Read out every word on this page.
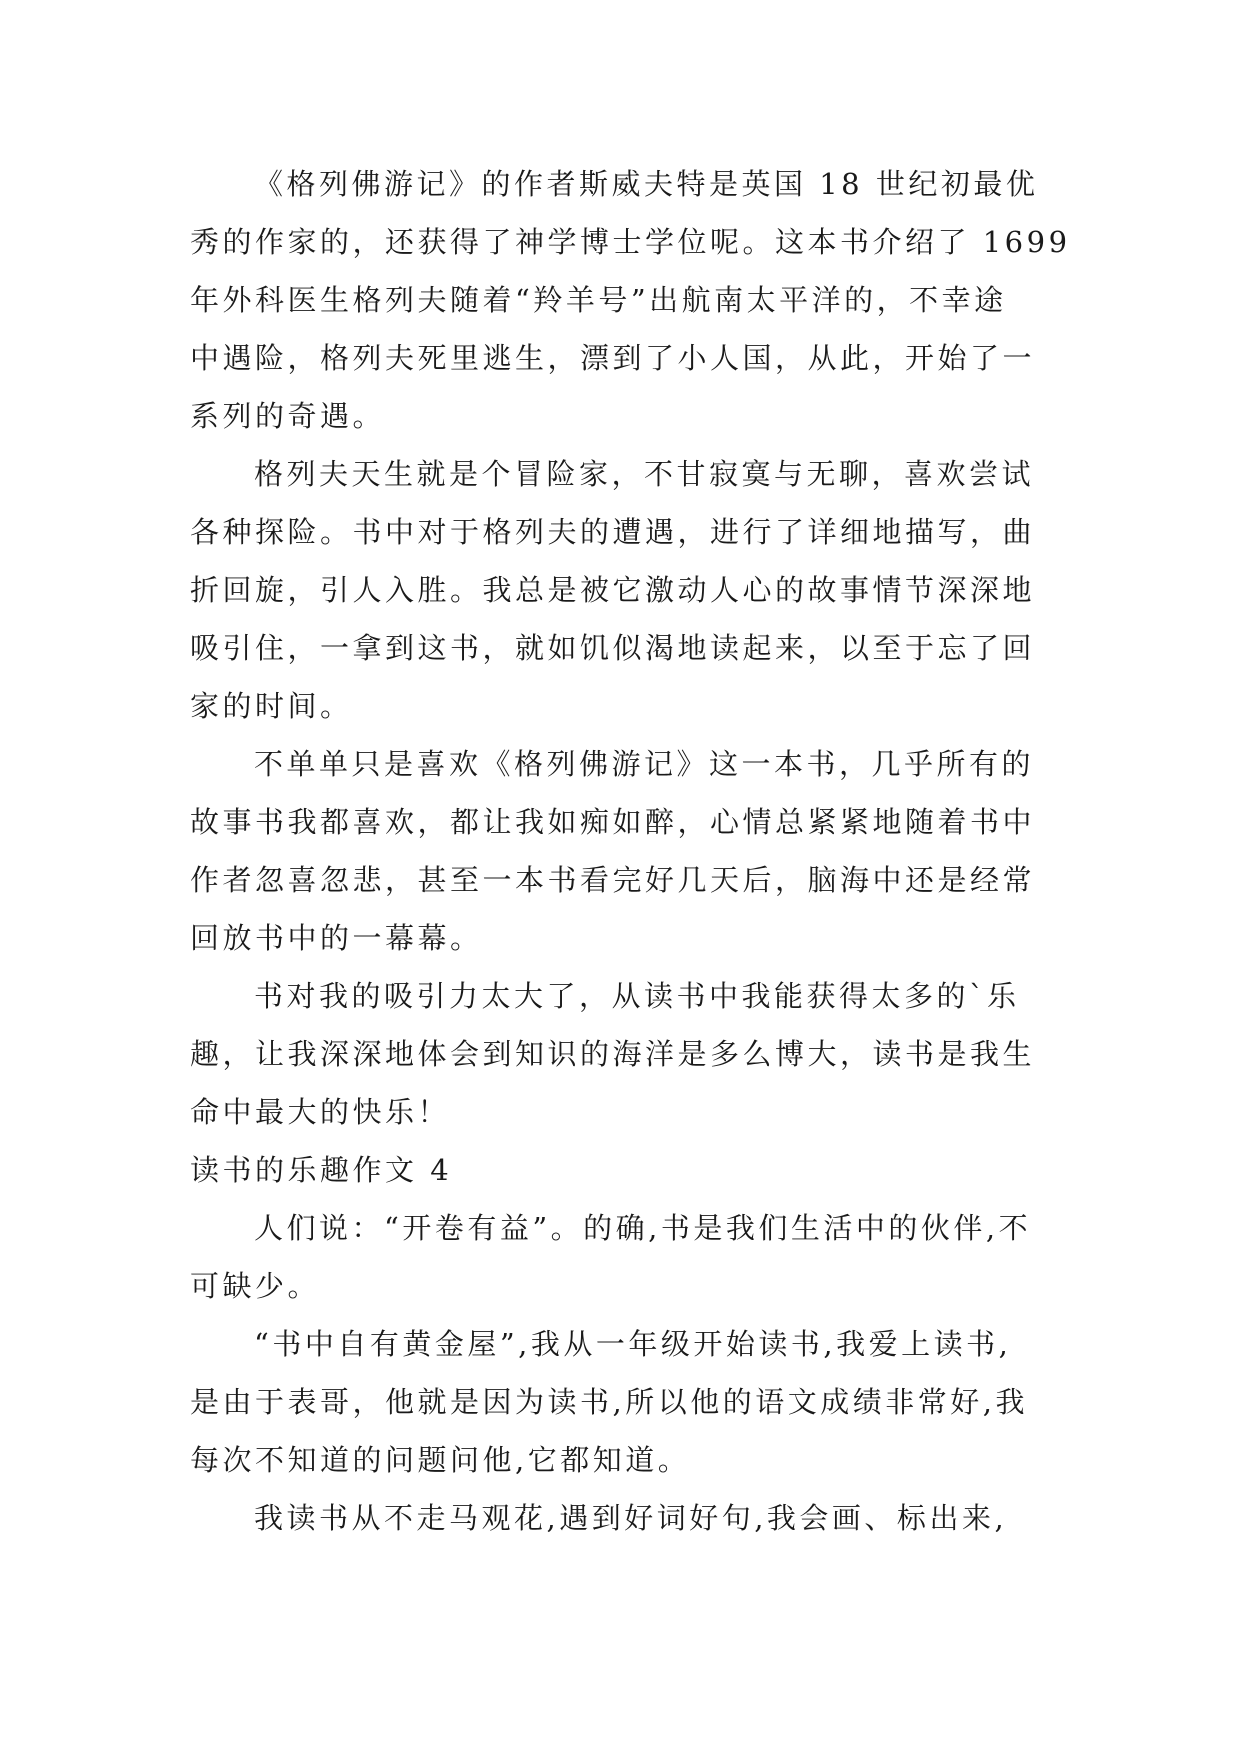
《格列佛游记》的作者斯威夫特是英国 18 世纪初最优
秀的作家的，还获得了神学博士学位呢。这本书介绍了 1699
年外科医生格列夫随着“羚羊号”出航南太平洋的，不幸途
中遇险，格列夫死里逃生，漂到了小人国，从此，开始了一
系列的奇遇。
格列夫天生就是个冒险家，不甘寂寞与无聊，喜欢尝试
各种探险。书中对于格列夫的遭遇，进行了详细地描写，曲
折回旋，引人入胜。我总是被它激动人心的故事情节深深地
吸引住，一拿到这书，就如饥似渴地读起来，以至于忘了回
家的时间。
不单单只是喜欢《格列佛游记》这一本书，几乎所有的
故事书我都喜欢，都让我如痴如醉，心情总紧紧地随着书中
作者忽喜忽悲，甚至一本书看完好几天后，脑海中还是经常
回放书中的一幕幕。
书对我的吸引力太大了，从读书中我能获得太多的`乐
趣，让我深深地体会到知识的海洋是多么博大，读书是我生
命中最大的快乐！
读书的乐趣作文 4
人们说：“开卷有益”。的确,书是我们生活中的伙伴,不
可缺少。
“书中自有黄金屋”,我从一年级开始读书,我爱上读书,
是由于表哥，他就是因为读书,所以他的语文成绩非常好,我
每次不知道的问题问他,它都知道。
我读书从不走马观花,遇到好词好句,我会画、标出来,
